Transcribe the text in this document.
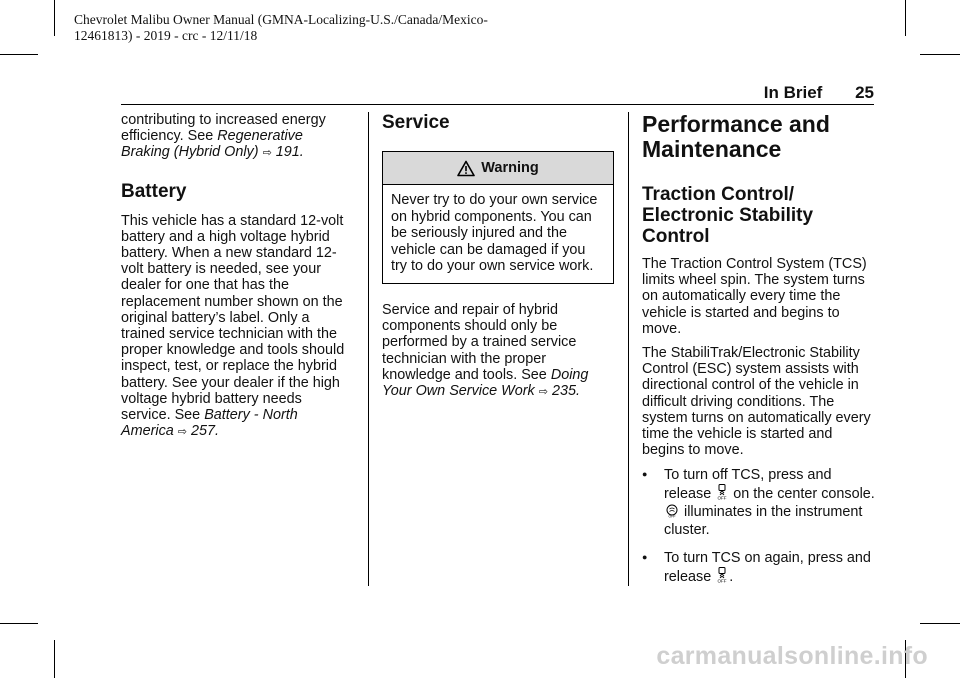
Chevrolet Malibu Owner Manual (GMNA-Localizing-U.S./Canada/Mexico-
12461813) - 2019 - crc - 12/11/18
In Brief 25

contributing to increased energy efficiency. See Regenerative Braking (Hybrid Only) ⇨ 191.

Battery

This vehicle has a standard 12-volt battery and a high voltage hybrid battery. When a new standard 12-volt battery is needed, see your dealer for one that has the replacement number shown on the original battery’s label. Only a trained service technician with the proper knowledge and tools should inspect, test, or replace the hybrid battery. See your dealer if the high voltage hybrid battery needs service. See Battery - North America ⇨ 257.

Service
Warning
Never try to do your own service on hybrid components. You can be seriously injured and the vehicle can be damaged if you try to do your own service work.

Service and repair of hybrid components should only be performed by a trained service technician with the proper knowledge and tools. See Doing Your Own Service Work ⇨ 235.

Performance and
Maintenance
Traction Control/
Electronic Stability
Control

The Traction Control System (TCS) limits wheel spin. The system turns on automatically every time the vehicle is started and begins to move.

The StabiliTrak/Electronic Stability Control (ESC) system assists with directional control of the vehicle in difficult driving conditions. The system turns on automatically every time the vehicle is started and begins to move.

●	To turn off TCS, press and release OFF on the center console.

OFF illuminates in the instrument cluster.
●	To turn TCS on again, press and release OFF .
carmanualsonline.info
